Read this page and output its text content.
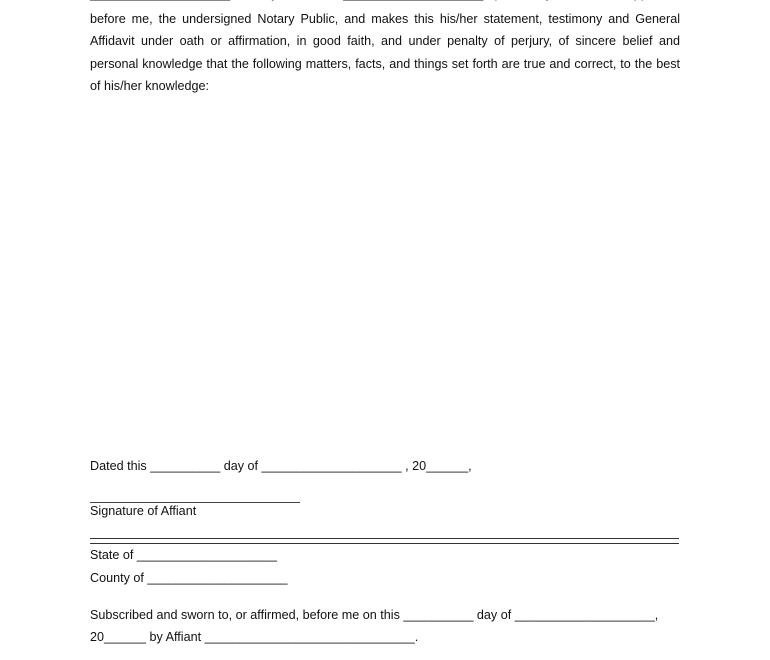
before me, the undersigned Notary Public, and makes this his/her statement, testimony and General
Affidavit under oath or affirmation, in good faith, and under penalty of perjury, of sincere belief and
personal knowledge that the following matters, facts, and things set forth are true and correct, to the best
of his/her knowledge:
Dated this __________ day of ____________________ , 20______,
Signature of Affiant
State of ____________________
County of ____________________
Subscribed and sworn to, or affirmed, before me on this __________ day of ____________________,
20______ by Affiant ______________________________.
